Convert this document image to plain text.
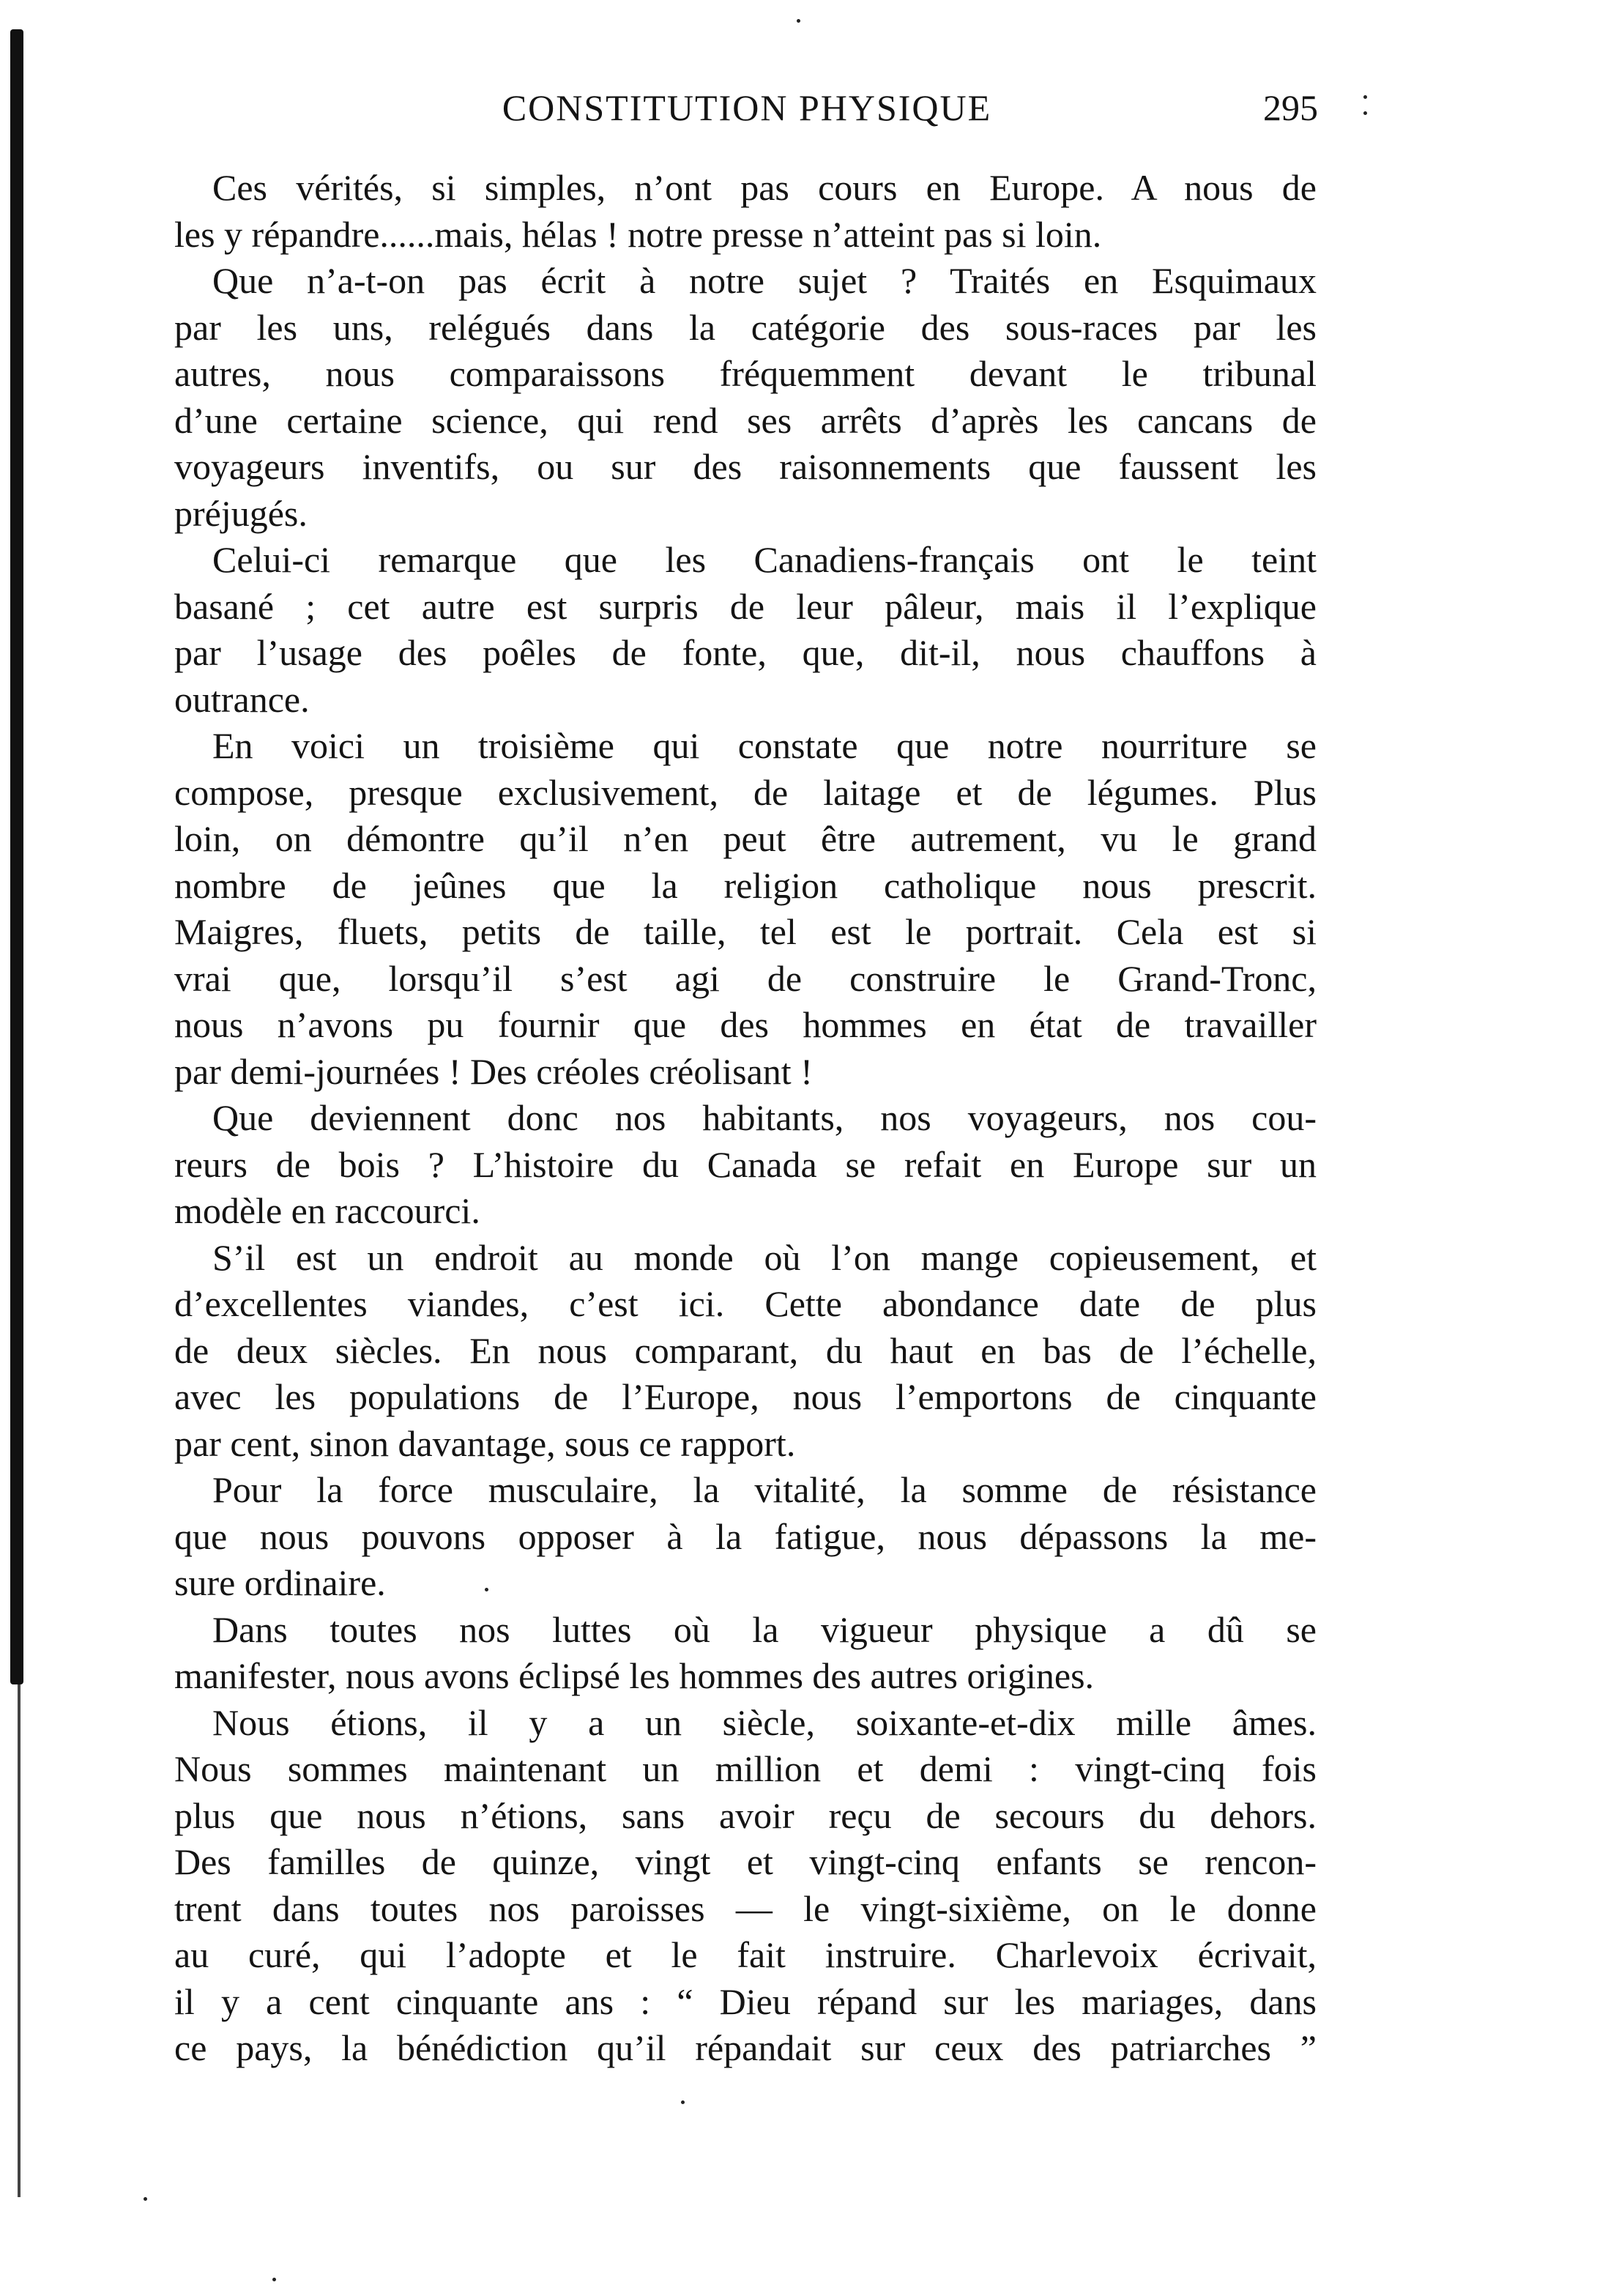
CONSTITUTION PHYSIQUE	295
Ces vérités, si simples, n’ont pas cours en Europe. A nous de
les y répandre......mais, hélas ! notre presse n’atteint pas si loin.
Que n’a-t-on pas écrit à notre sujet ? Traités en Esquimaux
par les uns, relégués dans la catégorie des sous-races par les
autres, nous comparaissons fréquemment devant le tribunal
d’une certaine science, qui rend ses arrêts d’après les cancans de
voyageurs inventifs, ou sur des raisonnements que faussent les
préjugés.
Celui-ci remarque que les Canadiens-français ont le teint
basané ; cet autre est surpris de leur pâleur, mais il l’explique
par l’usage des poêles de fonte, que, dit-il, nous chauffons à
outrance.
En voici un troisième qui constate que notre nourriture se
compose, presque exclusivement, de laitage et de légumes. Plus
loin, on démontre qu’il n’en peut être autrement, vu le grand
nombre de jeûnes que la religion catholique nous prescrit.
Maigres, fluets, petits de taille, tel est le portrait. Cela est si
vrai que, lorsqu’il s’est agi de construire le Grand-Tronc,
nous n’avons pu fournir que des hommes en état de travailler
par demi-journées ! Des créoles créolisant !
Que deviennent donc nos habitants, nos voyageurs, nos cou-
reurs de bois ? L’histoire du Canada se refait en Europe sur un
modèle en raccourci.
S’il est un endroit au monde où l’on mange copieusement, et
d’excellentes viandes, c’est ici. Cette abondance date de plus
de deux siècles. En nous comparant, du haut en bas de l’échelle,
avec les populations de l’Europe, nous l’emportons de cinquante
par cent, sinon davantage, sous ce rapport.
Pour la force musculaire, la vitalité, la somme de résistance
que nous pouvons opposer à la fatigue, nous dépassons la me-
sure ordinaire.
Dans toutes nos luttes où la vigueur physique a dû se
manifester, nous avons éclipsé les hommes des autres origines.
Nous étions, il y a un siècle, soixante-et-dix mille âmes.
Nous sommes maintenant un million et demi : vingt-cinq fois
plus que nous n’étions, sans avoir reçu de secours du dehors.
Des familles de quinze, vingt et vingt-cinq enfants se rencon-
trent dans toutes nos paroisses — le vingt-sixième, on le donne
au curé, qui l’adopte et le fait instruire. Charlevoix écrivait,
il y a cent cinquante ans : “ Dieu répand sur les mariages, dans
ce pays, la bénédiction qu’il répandait sur ceux des patriarches ”
